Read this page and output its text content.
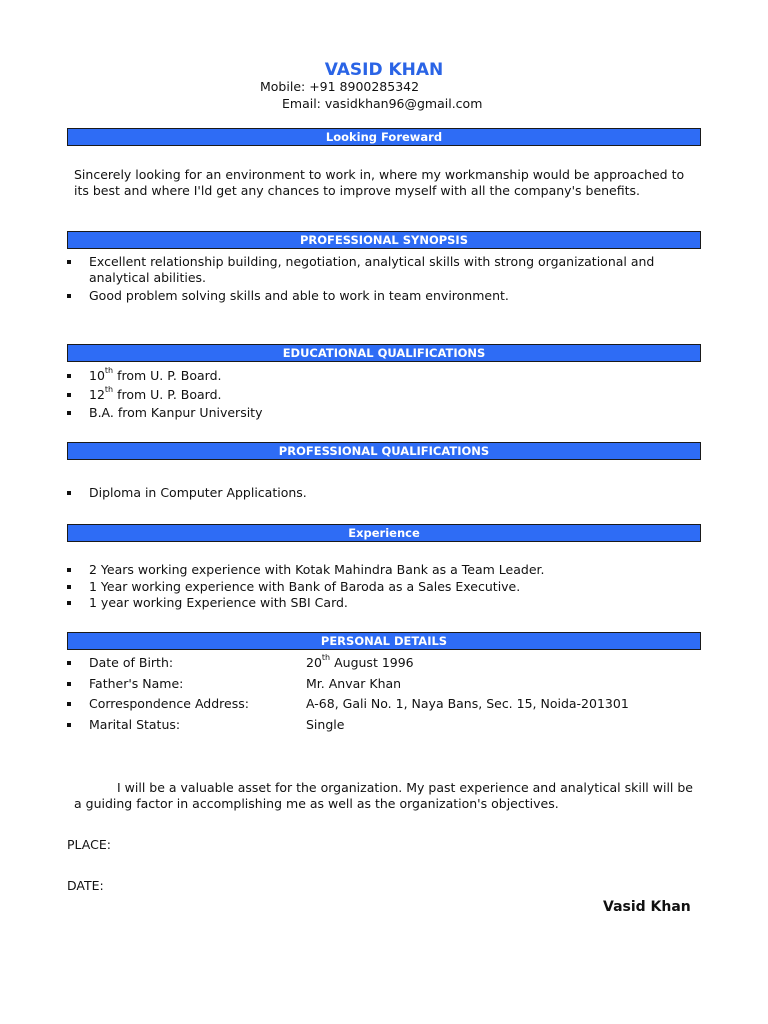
VASID KHAN
Mobile: +91 8900285342
Email: vasidkhan96@gmail.com
Looking Foreward
Sincerely looking for an environment to work in, where my workmanship would be approached to its best and where I'ld get any chances to improve myself with all the company's benefits.
PROFESSIONAL SYNOPSIS
Excellent relationship building, negotiation, analytical skills with strong organizational and analytical abilities.
Good problem solving skills and able to work in team environment.
EDUCATIONAL QUALIFICATIONS
10th from U. P. Board.
12th from U. P. Board.
B.A. from Kanpur University
PROFESSIONAL QUALIFICATIONS
Diploma in Computer Applications.
Experience
2 Years working experience with Kotak Mahindra Bank as a Team Leader.
1 Year working experience with Bank of Baroda as a Sales Executive.
1 year working Experience with SBI Card.
PERSONAL DETAILS
Date of Birth:	20th August 1996
Father's Name:	Mr. Anvar Khan
Correspondence Address:	A-68, Gali No. 1, Naya Bans, Sec. 15, Noida-201301
Marital Status:	Single
I will be a valuable asset for the organization. My past experience and analytical skill will be a guiding factor in accomplishing me as well as the organization's objectives.
PLACE:
DATE:
Vasid Khan
